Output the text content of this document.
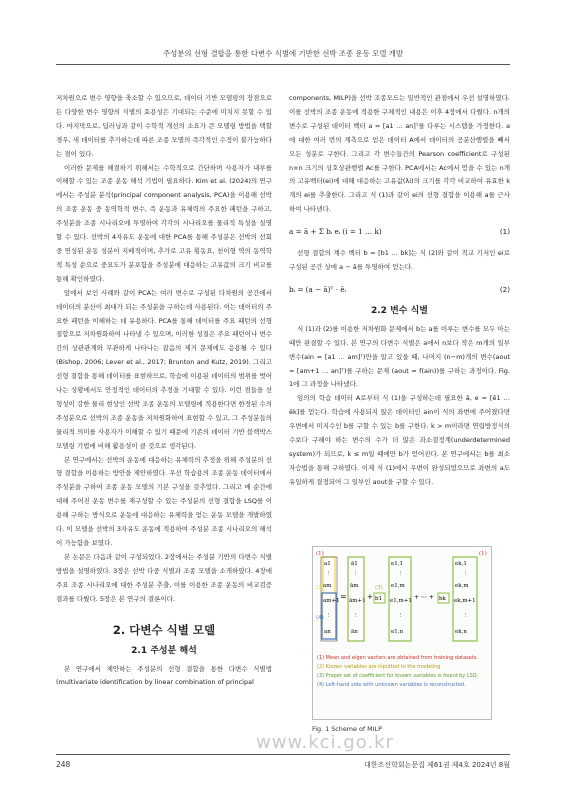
주성분의 선형 결합을 통한 다변수 식별에 기반한 선박 조종 운동 모델 개발

저차원으로 변수 영향을 축소할 수 있으므로, 데이터 기반 모델링의 장점으로 든 다양한 변수 영향의 식별의 효용성은 기대되는 수준에 미치지 못할 수 있다. 마지막으로, 딥러닝과 같이 수학적 개선의 소요가 큰 모델링 방법을 택할 경우, 새 데이터를 추가하는데 따른 조종 모델의 즉각적인 수정이 불가능하다는 점이 있다.

이러한 문제를 해결하기 위해서는 수학적으로 간단하며 사용자가 내부를 이해할 수 있는 조종 운동 해석 기법이 필요하다. Kim et al. (2024)의 연구에서는 주성분 분석(principal component analysis, PCA)을 이용해 선박의 조종 운동 중 동역학적 변수, 즉 운동과 유체력의 주요한 패턴을 구하고, 주성분을 조종 시나리오에 투영하여 각각의 시나리오를 물리적 특성을 설명할 수 있다. 선박의 4자유도 운동에 대한 PCA를 통해 주성분은 선박의 선회 중 연성된 운동 성분이 지배적이며, 추가로 고유 횡동요, 천이형 역의 동역학적 특성 순으로 중요도가 분포함을 주성분에 대응하는 고유값의 크기 비교를 통해 확인하였다.

앞에서 보인 사례와 같이 PCA는 여러 변수로 구성된 다차원의 공간에서 데이터의 분산이 최대가 되는 주성분을 구하는데 사용된다. 이는 데이터의 주요한 패턴을 이해하는 데 유용하다. PCA를 통해 데이터를 주요 패턴의 선형결합으로 저차원화하여 나타낼 수 있으며, 이러한 성질은 주요 패턴이나 변수간의 상관관계와 무관하게 나타나는 잡음의 제거 문제에도 응용될 수 있다 (Bishop, 2006; Lever et al., 2017; Brunton and Kutz, 2019). 그리고 선형 결합을 통해 데이터를 표현하므로, 학습에 이용된 데이터의 범위를 벗어나는 상황에서도 안정적인 데이터의 추정을 기대할 수 있다. 이런 점들을 선형성이 강한 물리 현상인 선박 조종 운동의 모델링에 적용한다면 한정된 수의 주성분으로 선박의 조종 운동을 저차원화하여 표현할 수 있고, 그 주성분들의 물리적 의미를 사용자가 이해할 수 있기 때문에 기존의 데이터 기반 블랙박스 모델링 기법에 비해 활용성이 클 것으로 생각된다.

본 연구에서는 선박의 운동에 대응하는 유체력의 추정을 위해 주성분의 선형 결합을 이용하는 방안을 제안하였다. 우선 학습용의 조종 운동 데이터에서 주성분을 구하여 조종 운동 모델의 기본 구성을 갖추었다. 그리고 매 순간에 대해 주어진 운동 변수를 재구성할 수 있는 주성분의 선형 결합을 LSQ를 이용해 구하는 방식으로 운동에 대응하는 유체력을 얻는 운동 모델을 개발하였다. 이 모델을 선박의 3자유도 운동에 적용하여 주성분 조종 시나리오의 해석이 가능함을 보였다.

본 논문은 다음과 같이 구성되었다. 2장에서는 주성분 기반의 다변수 식별 방법을 설명하였다. 3장은 선박 다중 식별과 조종 모델을 소개하였다. 4장에 주요 조종 시나리오에 대한 주성분 추출, 이를 이용한 조종 운동의 비교검증 결과를 다뤘다. 5장은 본 연구의 결론이다.

2. 다변수 식별 모델
2.1 주성분 해석

본 연구에서 제안하는 주성분의 선형 결합을 통한 다변수 식별법(multivariate identification by linear combination of principal

components, MILP)을 선박 조종모드는 일반적인 관점에서 우선 설명하였다. 이를 선박의 조종 운동에 적용한 구체적인 내용은 이후 4장에서 다뤘다. n개의 변수로 구성된 데이터 벡터 a = [a1 … an]ᵀ를 다루는 시스템을 가정한다. a에 대한 여러 번의 계측으로 얻은 데이터 A에서 데이터의 공분산행렬을 빼서 모든 성분로 구한다. 그리고 각 변수들간의 Pearson coefficient로 구성된 n×n 크기의 상호상관행렬 Ac를 구한다. PCA에서는 Ac에서 얻을 수 있는 n개의 고유벡터(ei)에 대해 대응하는 고유값(λi)의 크기를 각각 비교하여 유효한 k개의 ei를 추출한다. 그리고 식 (1)과 같이 ei의 선형 결합을 이용해 a를 근사하여 나타낸다.

a = ā + Σ bᵢ eᵢ (i = 1 … k)	(1)

선형 결합의 계수 벡터 b = [b1 … bk]는 식 (2)와 같이 직교 기저인 ei로 구성된 공간 상에 a − ā를 투영하여 얻는다.

bᵢ = (a − ā)ᵀ · êᵢ	(2)
2.2 변수 식별

식 (1)과 (2)를 이용한 저차원화 문제에서 b는 a를 이루는 변수를 모두 아는 때만 완결할 수 있다. 본 연구의 다변수 식별은 a에서 n보다 작은 m개의 일부 변수(ain = [a1 … am]ᵀ)만을 알고 있을 때, 나머지 (n−m)개의 변수(aout = [am+1 … an]ᵀ)를 구하는 문제 (aout = f(ain))를 구하는 과정이다. Fig. 1에 그 과정을 나타냈다.

임의의 학습 데이터 A로부터 식 (1)을 구성하는데 필요한 ā, e = [ê1 … êk]를 얻는다. 학습에 사용되지 않은 데이터인 ain이 식의 좌변에 주어졌다면 우변에서 미지수인 b를 구할 수 있는 b를 구한다. k > m이라면 연립방정식의 수보다 구해야 하는 변수의 수가 더 많은 과소결정계(underdetermined system)가 되므로, k ≤ m일 때에만 b가 얻어진다. 본 연구에서는 b를 최소자승법을 통해 구하였다. 이제 식 (1)에서 우변이 완성되었으므로 좌변의 a도 유일하게 결정되어 그 일부인 aout을 구할 수 있다.

(1)
a1
⋮
am
am+1
⋮
an
=
ā1
⋮
ām
ām+1
⋮
ān
+
(3)
b1
e1,1
⋮
e1,m
e1,m+1
⋮
e1,n
+ ⋯ + bk
ek,1
⋮
ek,m
ek,m+1
⋮
ek,n
(1)
(2)
(4)
(1) Mean and eigen vectors are obtained from training datasets.
(2) Known variables are inputted to the modeling.
(3) Proper set of coefficient for known variables is found by LSQ.
(4) Left-hand side with unknown variables is reconstructed.
Fig. 1 Scheme of MILP
www.kci.go.kr
248	대한조선학회논문집 제61권 제4호 2024년 8월
